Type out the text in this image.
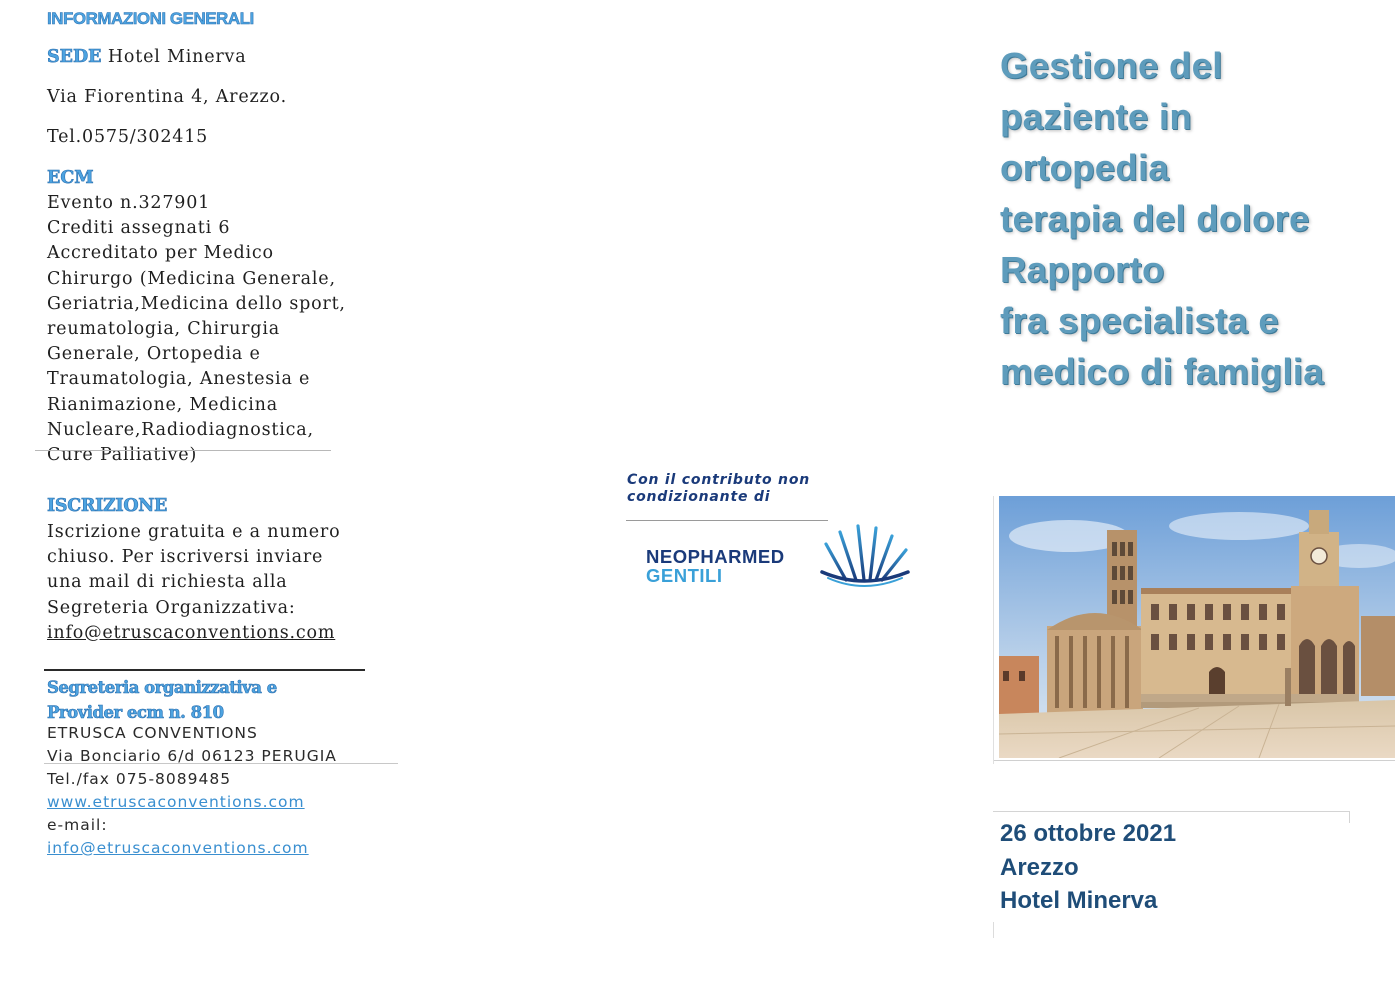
INFORMAZIONI GENERALI
SEDE Hotel Minerva
Via Fiorentina 4, Arezzo.
Tel.0575/302415
ECM
Evento n.327901
Crediti assegnati 6
Accreditato per Medico
Chirurgo (Medicina Generale,
Geriatria,Medicina dello sport,
reumatologia, Chirurgia
Generale, Ortopedia e
Traumatologia, Anestesia e
Rianimazione, Medicina
Nucleare,Radiodiagnostica,
Cure Palliative)
ISCRIZIONE
Iscrizione gratuita e a numero
chiuso. Per iscriversi inviare
una mail di richiesta alla
Segreteria Organizzativa:
info@etruscaconventions.com
Segreteria organizzativa e
Provider ecm n. 810
ETRUSCA CONVENTIONS
Via Bonciario 6/d 06123 PERUGIA
Tel./fax 075-8089485
www.etruscaconventions.com
e-mail:
info@etruscaconventions.com
Con il contributo non
condizionante di
NEOPHARMED
GENTILI
Gestione del
paziente in
ortopedia
terapia del dolore
Rapporto
fra specialista e
medico di famiglia
26 ottobre 2021
Arezzo
Hotel Minerva
